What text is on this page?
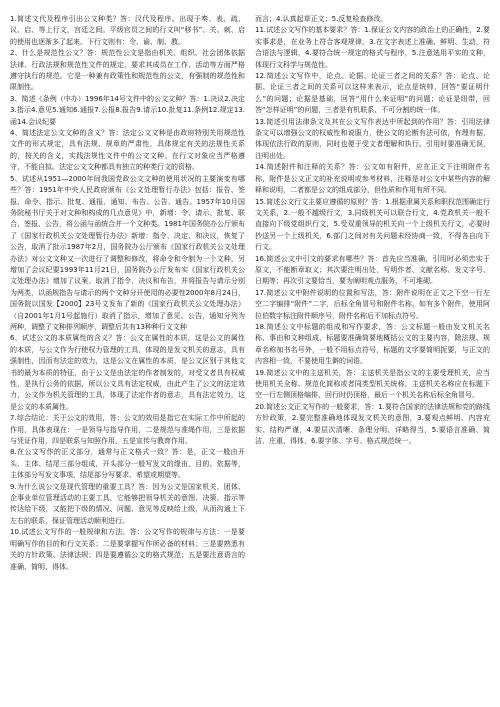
1.简述文代及程序引出公文种类？答：汉代及程序。出现于奏、表、疏、议、启、等上行文，宫廷之间。平级官员之间的行文叫“移书”、关、刺、启的使用也逐渐多了起来。下行文则有：令、谕、制、教。

2、什么是规范性公文？答：规范性公文是指由机关、组织、社会团体依据法律、行政法规和规范性文件的规定，要求其成员在工作、活动等方面严格遵守执行的规范。它是一种兼有政策性和规范性的公文，有强制的规范性和限制性。

3、简述《条例（中办）1996年14号文件中的公文文种？答：1.决议2.决定3.指示4.意见5.通知6.通报7.公报8.报告9.请示10.批复11.条例12.规定13.函14.会议纪要

4、简述法定公文文种的含义？答：法定公文文种是由政府特别关用规范性文件的形式规定，具有法规、规章的严肃性，具体规定有关的法规性关系的，按关的含义，实践法规性文件中的公文文种。在行文对象应当严格遵守，不能自拟。法定公文文种都具有独立的种类行文的资格。

5、试述从1951—2000年间我国党政公文文种的使用状况的主要演变有哪些？答：1951年中央人民政府颁布《公文处理暂行办法》包括：报告、签报、命令、指示、批复、通报、通知、布告、公告、通告。1957年10月国务院秘书厅关于对文种和构成的几点意见》中，新增：令、请示、批复、联合、签报、公告，将公函与函统合并一个文种类。1981年国务院办公厅颁布了《国家行政机关公文处理暂行办法》新增：指令、决定、和决议，恢复了公告，取消了批示1987年2月，国务院办公厅颁布《国家行政机关公文处理办法》对公文文种又一次进行了调整和修改，将命令和令制为一个文种，另增加了会议纪要1993年11月21日，国务院办公厅发布实《国家行政机关公文处理办法》增加了议案、取消了指令、决议和布告，并将报告与请示分别为两类，以函规指告与请示的两个文种分开使用的必要性2000年8月24日，国务院以国发【2000】23号文发布了新的《国家行政机关公文处理办法》（自2001年1月1号起施行）取消了指示，增加了意见、公告，通知分列为两种，调整了文种排列顺序，调整后共有13种种行文文种

6、试述公文的本质属性的含义？答：公文在属性的本质，这是公文的属性的本质，与公文作为行使权力管理的工具，体现的是发文机关的意志，具有强制性，因而有法定的效力，这是公文在属性的本质，是公文区别于其他文书的最为本质的特征，由于公文是由法定的作者制发的，对受文者具有权威性，是执行公务的依据，所以公文具有法定权威，由此产生了公文的法定效力，公文作为机关管理的工具，体现了法定作者的意志，具有法定效力，这是公文的本质属性。

7.综合结论：关于公文的效用，答：公文的效用是指它在实际工作中所起的作用，具体表现在：一是领导与指导作用，二是规范与准绳作用，三是依据与凭证作用，四是联系与知照作用，五是宣传与教育作用。

8.在公文写作的正文部分，通常与正文格式一致？答：是，正文一般由开头、主体、结尾三部分组成，开头部分一般写发文的缘由、目的、依据等，主体部分写发文事项，结尾部分写要求、希望或期望等。

9.为什么说公文是现代管理的重要工具？答：因为公文是国家机关、团体、企事业单位管理活动的主要工具，它能够把领导机关的意图、决策、指示等传达给下级，又能把下级的情况、问题、意见等反映给上级，从而沟通上下左右的联系，保证管理活动顺利进行。

10.试述公文写作的一般规律和方法。答：公文写作的规律与方法：一是要明确写作的目的和行文关系；二是要掌握写作所必备的材料；三是要熟悉有关的方针政策、法律法规；四是要遵循公文的格式规范；五是要注意语言的准确、简明、得体。

而言；4.认真起草正文；5.反复检查修改。

11.试述公文写作的基本要求？答：1.保证公文内容的政治上的正确性，2.要实事求是，在业务上符合客观规律，3.在文字表述上准确、鲜明、生动，符合语法与逻辑，4.要符合统一规定的格式与程序，5.注意选用平实的文种，体现行文科学与规范性。

12.简述公文写作中，论点、论据、论证三者之间的关系？答：论点、论据、论证三者之间的关系可以这样来表示，论点是统帅，回答“要证明什么”的问题；论据是基础，回答“用什么来证明”的问题；论证是纽带，回答“怎样证明”的问题，三者是有机联系、不可分割的统一体。

13.简述引用法律条文及其在公文写作表达中所起到的作用？答：引用法律条文可以增强公文的权威性和说服力，使公文的论断有法可依，有理有据，体现依法行政的原则，同时也便于受文者理解和执行。引用时要准确无误，注明出处。

14.简述附件和注释的关系？答：公文如有附件，应在正文下注明附件名称，附件是公文正文的补充说明或参考材料，注释是对公文中某些内容的解释和说明，二者都是公文的组成部分，但性质和作用有所不同。

15.简述公文行文主要应遵循的原则？答：1.根据隶属关系和职权范围确定行文关系，2.一般不越级行文，3.同级机关可以联合行文，4.党政机关一般不直接向下级党组织行文，5.受双重领导的机关向一个上级机关行文，必要时抄送另一个上级机关，6.部门之间对有关问题未经协商一致，不得各自向下行文。

16.简述公文中引文的要求有哪些？答：首先应当准确，引用时必须忠实于原文，不能断章取义；其次要注明出处，写明作者、文献名称、发文字号、日期等；再次引文要恰当，要为阐明观点服务，不可堆砌。

17.简述公文中附件说明的位置和写法，答：附件说明在正文之下空一行左空二字编排“附件”二字，后标全角冒号和附件名称，如有多个附件，使用阿拉伯数字标注附件顺序号，附件名称后不加标点符号。

18.简述公文中标题的组成和写作要求，答：公文标题一般由发文机关名称、事由和文种组成，标题要准确简要地概括公文的主要内容，除法规、规章名称加书名号外，一般不用标点符号，标题的文字要简明扼要，与正文的内容相一致，不要使用生僻的词语。

19.简述公文中的主送机关，答：主送机关是指公文的主要受理机关，应当使用机关全称、规范化简称或者同类型机关统称，主送机关名称应在标题下空一行左侧顶格编排，回行时仍顶格，最后一个机关名称后标全角冒号。

20.简述公文正文写作的一般要求，答：1.要符合国家的法律法规和党的路线方针政策，2.要完整准确地体现发文机关的意图，3.要观点鲜明、内容充实、结构严谨，4.要层次清晰、条理分明、详略得当，5.要语言准确、简洁、庄重、得体，6.要字体、字号、格式规范统一。
